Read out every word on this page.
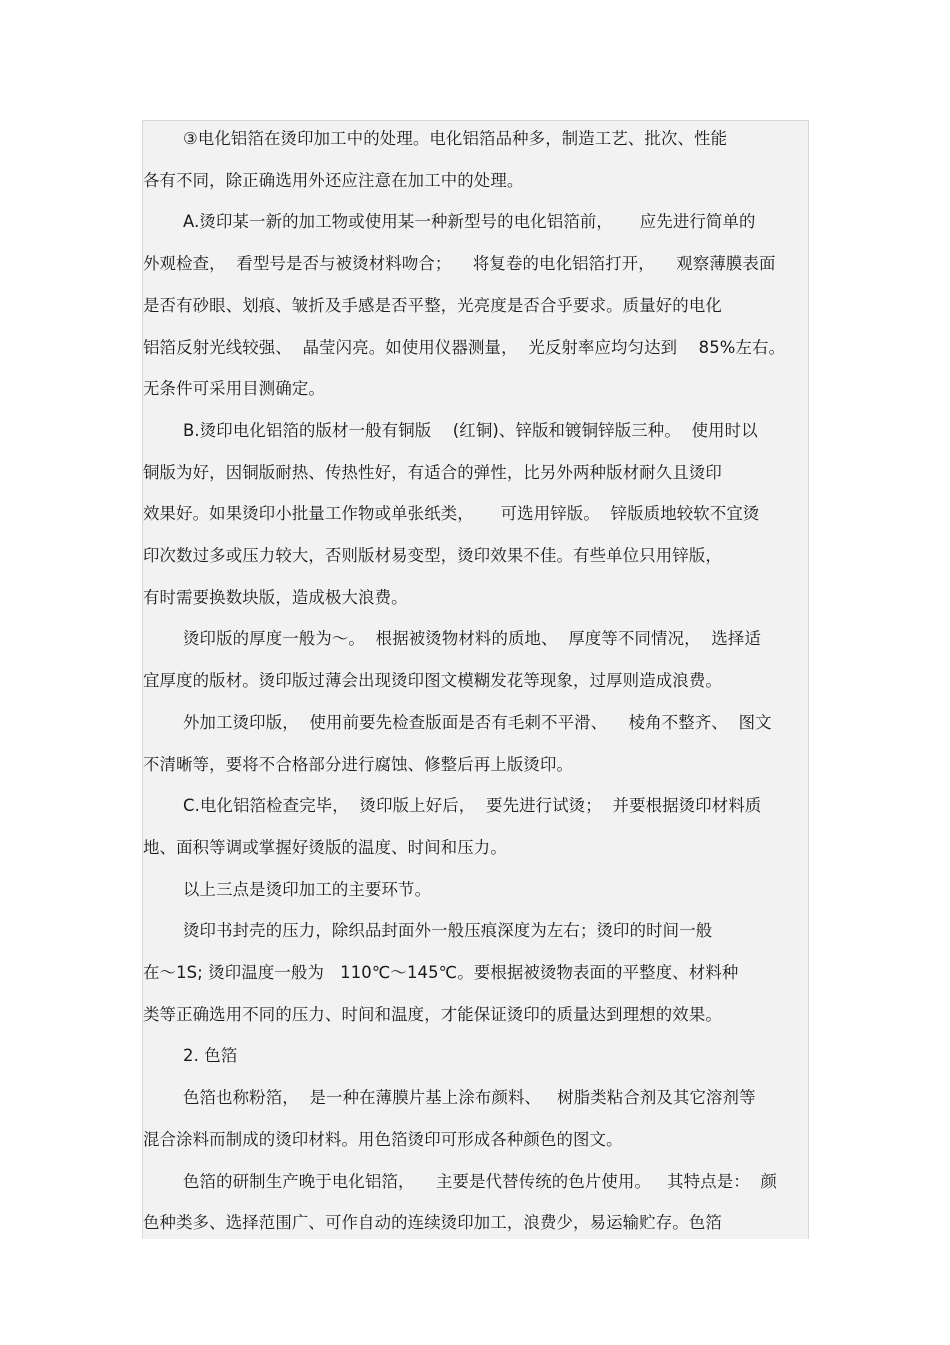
③电化铝箔在烫印加工中的处理。电化铝箔品种多，制造工艺、批次、性能
各有不同，除正确选用外还应注意在加工中的处理。
A.烫印某一新的加工物或使用某一种新型号的电化铝箔前，     应先进行简单的
外观检查，  看型号是否与被烫材料吻合；    将复卷的电化铝箔打开，    观察薄膜表面
是否有砂眼、划痕、皱折及手感是否平整，光亮度是否合乎要求。质量好的电化
铝箔反射光线较强、  晶莹闪亮。如使用仪器测量，  光反射率应均匀达到    85%左右。
无条件可采用目测确定。
B.烫印电化铝箔的版材一般有铜版    (红铜)、锌版和镀铜锌版三种。  使用时以
铜版为好，因铜版耐热、传热性好，有适合的弹性，比另外两种版材耐久且烫印
效果好。如果烫印小批量工作物或单张纸类，     可选用锌版。  锌版质地较软不宜烫
印次数过多或压力较大，否则版材易变型，烫印效果不佳。有些单位只用锌版，
有时需要换数块版，造成极大浪费。
烫印版的厚度一般为～。  根据被烫物材料的质地、  厚度等不同情况，  选择适
宜厚度的版材。烫印版过薄会出现烫印图文模糊发花等现象，过厚则造成浪费。
外加工烫印版，  使用前要先检查版面是否有毛刺不平滑、    棱角不整齐、  图文
不清晰等，要将不合格部分进行腐蚀、修整后再上版烫印。
C.电化铝箔检查完毕，  烫印版上好后，  要先进行试烫；  并要根据烫印材料质
地、面积等调或掌握好烫版的温度、时间和压力。
以上三点是烫印加工的主要环节。
烫印书封壳的压力，除织品封面外一般压痕深度为左右；烫印的时间一般
在～1S; 烫印温度一般为   110℃～145℃。要根据被烫物表面的平整度、材料种
类等正确选用不同的压力、时间和温度，才能保证烫印的质量达到理想的效果。
2. 色箔
色箔也称粉箔，  是一种在薄膜片基上涂布颜料、   树脂类粘合剂及其它溶剂等
混合涂料而制成的烫印材料。用色箔烫印可形成各种颜色的图文。
色箔的研制生产晚于电化铝箔，    主要是代替传统的色片使用。   其特点是：  颜
色种类多、选择范围广、可作自动的连续烫印加工，浪费少，易运输贮存。色箔
